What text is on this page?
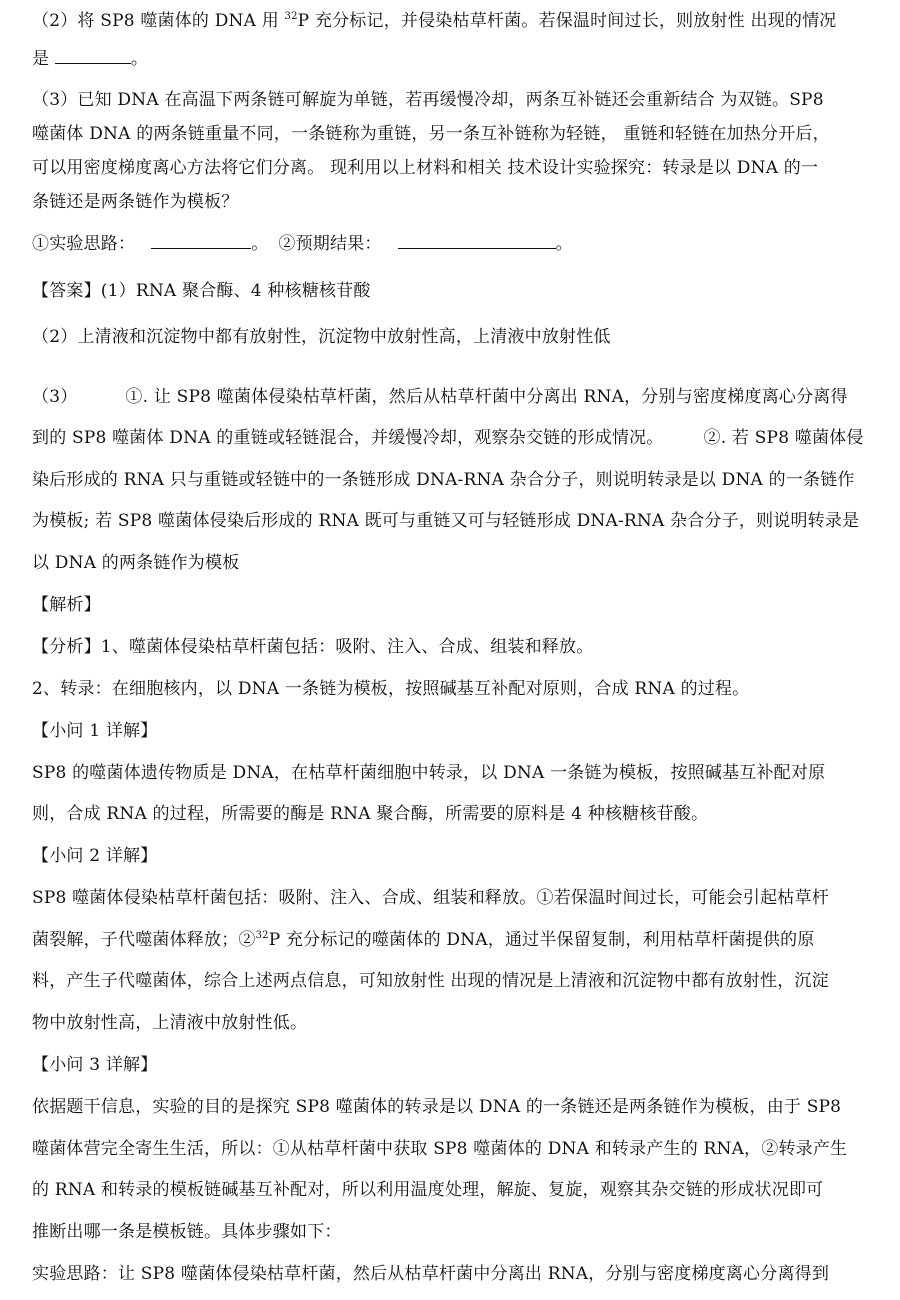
（2）将 SP8 噬菌体的 DNA 用 $^{32}$P 充分标记，并侵染枯草杆菌。若保温时间过长，则放射性 出现的情况
是	。
（3）已知 DNA 在高温下两条链可解旋为单链，若再缓慢冷却，两条互补链还会重新结合 为双链。SP8
噬菌体 DNA 的两条链重量不同，一条链称为重链，另一条互补链称为轻链， 重链和轻链在加热分开后，
可以用密度梯度离心方法将它们分离。 现利用以上材料和相关 技术设计实验探究：转录是以 DNA 的一
条链还是两条链作为模板？
①实验思路：	。 ②预期结果：	。
【答案】(1）RNA 聚合酶、4 种核糖核苷酸
（2）上清液和沉淀物中都有放射性，沉淀物中放射性高，上清液中放射性低
（3）	①. 让 SP8 噬菌体侵染枯草杆菌，然后从枯草杆菌中分离出 RNA，分别与密度梯度离心分离得
到的 SP8 噬菌体 DNA 的重链或轻链混合，并缓慢冷却，观察杂交链的形成情况。 ②. 若 SP8 噬菌体侵
染后形成的 RNA 只与重链或轻链中的一条链形成 DNA-RNA 杂合分子，则说明转录是以 DNA 的一条链作
为模板; 若 SP8 噬菌体侵染后形成的 RNA 既可与重链又可与轻链形成 DNA-RNA 杂合分子，则说明转录是
以 DNA 的两条链作为模板
【解析】
【分析】1、噬菌体侵染枯草杆菌包括：吸附、注入、合成、组装和释放。
2、转录：在细胞核内，以 DNA 一条链为模板，按照碱基互补配对原则，合成 RNA 的过程。
【小问 1 详解】
SP8 的噬菌体遗传物质是 DNA，在枯草杆菌细胞中转录，以 DNA 一条链为模板，按照碱基互补配对原
则，合成 RNA 的过程，所需要的酶是 RNA 聚合酶，所需要的原料是 4 种核糖核苷酸。
【小问 2 详解】
SP8 噬菌体侵染枯草杆菌包括：吸附、注入、合成、组装和释放。①若保温时间过长，可能会引起枯草杆
菌裂解，子代噬菌体释放；②$^{32}$P 充分标记的噬菌体的 DNA，通过半保留复制，利用枯草杆菌提供的原
料，产生子代噬菌体，综合上述两点信息，可知放射性 出现的情况是上清液和沉淀物中都有放射性，沉淀
物中放射性高，上清液中放射性低。
【小问 3 详解】
依据题干信息，实验的目的是探究 SP8 噬菌体的转录是以 DNA 的一条链还是两条链作为模板，由于 SP8
噬菌体营完全寄生生活，所以：①从枯草杆菌中获取 SP8 噬菌体的 DNA 和转录产生的 RNA，②转录产生
的 RNA 和转录的模板链碱基互补配对，所以利用温度处理，解旋、复旋，观察其杂交链的形成状况即可
推断出哪一条是模板链。具体步骤如下：
实验思路：让 SP8 噬菌体侵染枯草杆菌，然后从枯草杆菌中分离出 RNA，分别与密度梯度离心分离得到
